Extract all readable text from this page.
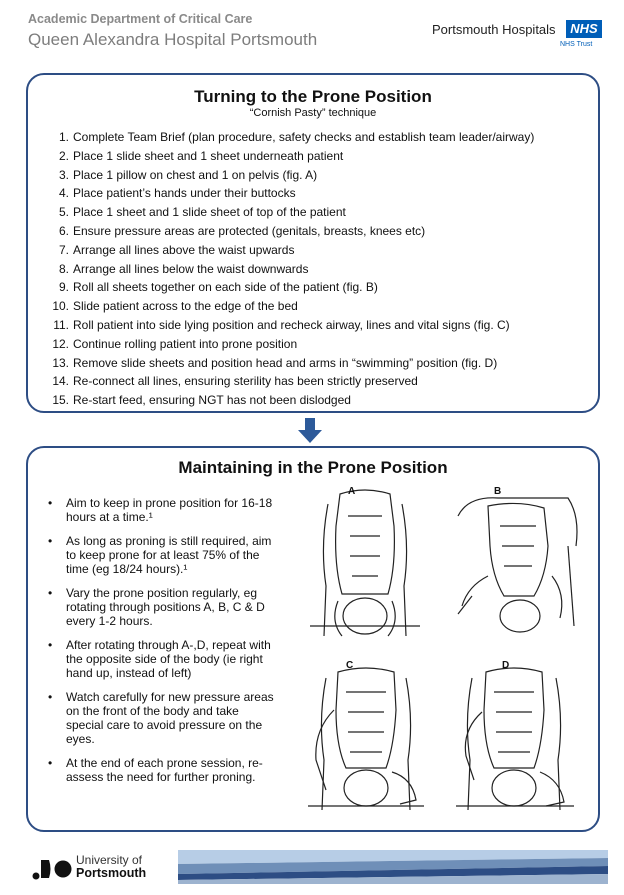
Academic Department of Critical Care
Queen Alexandra Hospital Portsmouth
Portsmouth Hospitals	NHS
NHS Trust
Turning to the Prone Position
“Cornish Pasty” technique
1. Complete Team Brief (plan procedure, safety checks and establish team leader/airway)
2. Place 1 slide sheet and 1 sheet underneath patient
3. Place 1 pillow on chest and 1 on pelvis (fig. A)
4. Place patient’s hands under their buttocks
5. Place 1 sheet and 1 slide sheet of top of the patient
6. Ensure pressure areas are protected (genitals, breasts, knees etc)
7. Arrange all lines above the waist upwards
8. Arrange all lines below the waist downwards
9. Roll all sheets together on each side of the patient (fig. B)
10. Slide patient across to the edge of the bed
11. Roll patient into side lying position and recheck airway, lines and vital signs (fig. C)
12. Continue rolling patient into prone position
13. Remove slide sheets and position head and arms in “swimming” position (fig. D)
14. Re-connect all lines, ensuring sterility has been strictly preserved
15. Re-start feed, ensuring NGT has not been dislodged
Maintaining in the Prone Position
• Aim to keep in prone position for 16-18 hours at a time.¹
• As long as proning is still required, aim to keep prone for at least 75% of the time (eg 18/24 hours).¹
• Vary the prone position regularly, eg rotating through positions A, B, C & D every 1-2 hours.
• After rotating through A-,D, repeat with the opposite side of the body (ie right hand up, instead of left)
• Watch carefully for new pressure areas on the front of the body and take special care to avoid pressure on the eyes.
• At the end of each prone session, re-assess the need for further proning.
A	B
C	D
University of
Portsmouth
